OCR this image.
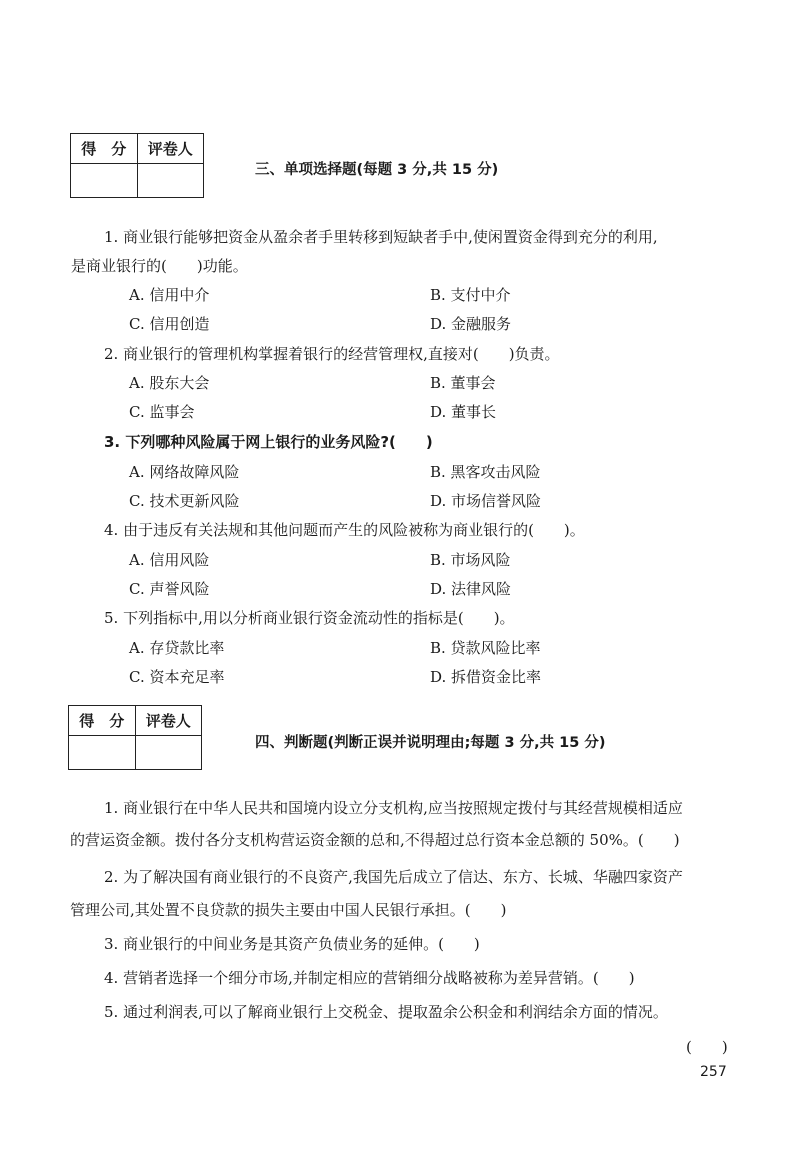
得　分	评卷人

三、单项选择题(每题 3 分,共 15 分)
1. 商业银行能够把资金从盈余者手里转移到短缺者手中,使闲置资金得到充分的利用,
是商业银行的(　　)功能。
A. 信用中介	B. 支付中介
C. 信用创造	D. 金融服务
2. 商业银行的管理机构掌握着银行的经营管理权,直接对(　　)负责。
A. 股东大会	B. 董事会
C. 监事会	D. 董事长
3. 下列哪种风险属于网上银行的业务风险?(　　)
A. 网络故障风险	B. 黑客攻击风险
C. 技术更新风险	D. 市场信誉风险
4. 由于违反有关法规和其他问题而产生的风险被称为商业银行的(　　)。
A. 信用风险	B. 市场风险
C. 声誉风险	D. 法律风险
5. 下列指标中,用以分析商业银行资金流动性的指标是(　　)。
A. 存贷款比率	B. 贷款风险比率
C. 资本充足率	D. 拆借资金比率
得　分	评卷人

四、判断题(判断正误并说明理由;每题 3 分,共 15 分)
1. 商业银行在中华人民共和国境内设立分支机构,应当按照规定拨付与其经营规模相适应
的营运资金额。拨付各分支机构营运资金额的总和,不得超过总行资本金总额的 50%。(　　)
2. 为了解决国有商业银行的不良资产,我国先后成立了信达、东方、长城、华融四家资产
管理公司,其处置不良贷款的损失主要由中国人民银行承担。(　　)
3. 商业银行的中间业务是其资产负债业务的延伸。(　　)
4. 营销者选择一个细分市场,并制定相应的营销细分战略被称为差异营销。(　　)
5. 通过利润表,可以了解商业银行上交税金、提取盈余公积金和利润结余方面的情况。
(　　)
257
